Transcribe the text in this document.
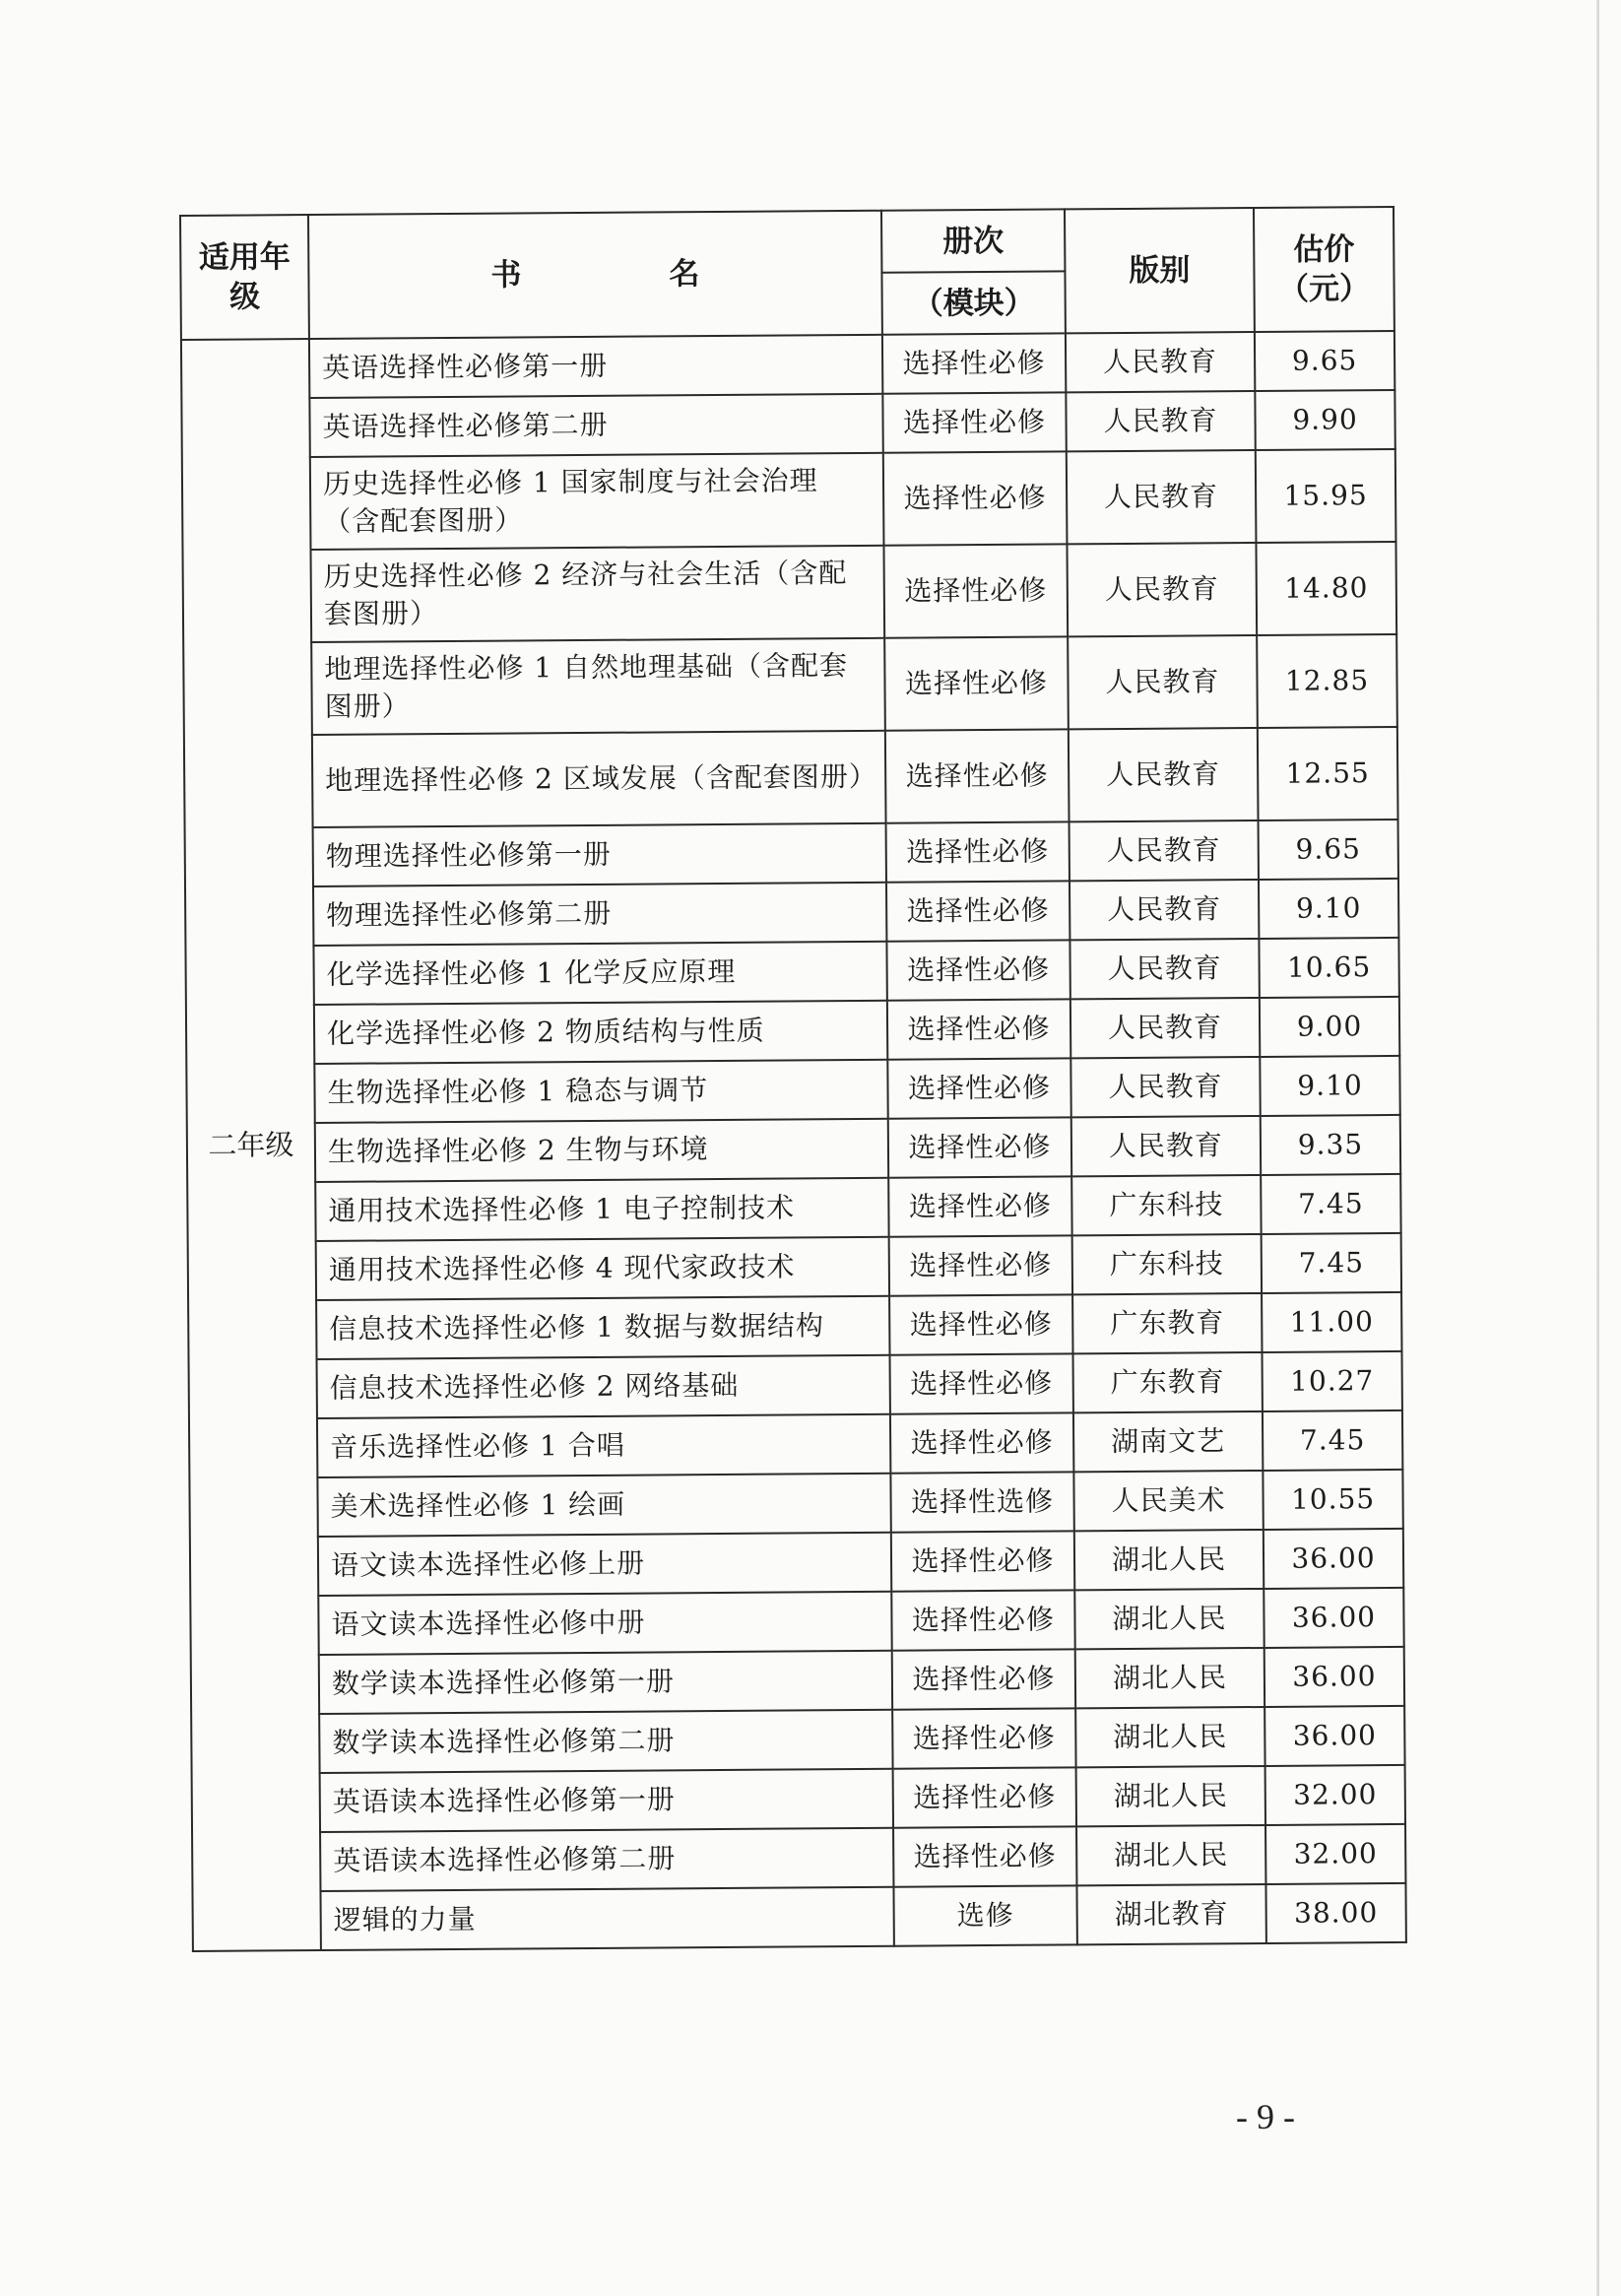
适用年级	书 名	册次	版别	估价（元）
		（模块）		
二年级	英语选择性必修第一册	选择性必修	人民教育	9.65
	英语选择性必修第二册	选择性必修	人民教育	9.90
	历史选择性必修 1 国家制度与社会治理（含配套图册）	选择性必修	人民教育	15.95
	历史选择性必修 2 经济与社会生活（含配套图册）	选择性必修	人民教育	14.80
	地理选择性必修 1 自然地理基础（含配套图册）	选择性必修	人民教育	12.85
	地理选择性必修 2 区域发展（含配套图册）	选择性必修	人民教育	12.55
	物理选择性必修第一册	选择性必修	人民教育	9.65
	物理选择性必修第二册	选择性必修	人民教育	9.10
	化学选择性必修 1 化学反应原理	选择性必修	人民教育	10.65
	化学选择性必修 2 物质结构与性质	选择性必修	人民教育	9.00
	生物选择性必修 1 稳态与调节	选择性必修	人民教育	9.10
	生物选择性必修 2 生物与环境	选择性必修	人民教育	9.35
	通用技术选择性必修 1 电子控制技术	选择性必修	广东科技	7.45
	通用技术选择性必修 4 现代家政技术	选择性必修	广东科技	7.45
	信息技术选择性必修 1 数据与数据结构	选择性必修	广东教育	11.00
	信息技术选择性必修 2 网络基础	选择性必修	广东教育	10.27
	音乐选择性必修 1 合唱	选择性必修	湖南文艺	7.45
	美术选择性必修 1 绘画	选择性选修	人民美术	10.55
	语文读本选择性必修上册	选择性必修	湖北人民	36.00
	语文读本选择性必修中册	选择性必修	湖北人民	36.00
	数学读本选择性必修第一册	选择性必修	湖北人民	36.00
	数学读本选择性必修第二册	选择性必修	湖北人民	36.00
	英语读本选择性必修第一册	选择性必修	湖北人民	32.00
	英语读本选择性必修第二册	选择性必修	湖北人民	32.00
	逻辑的力量	选修	湖北教育	38.00
- 9 -
